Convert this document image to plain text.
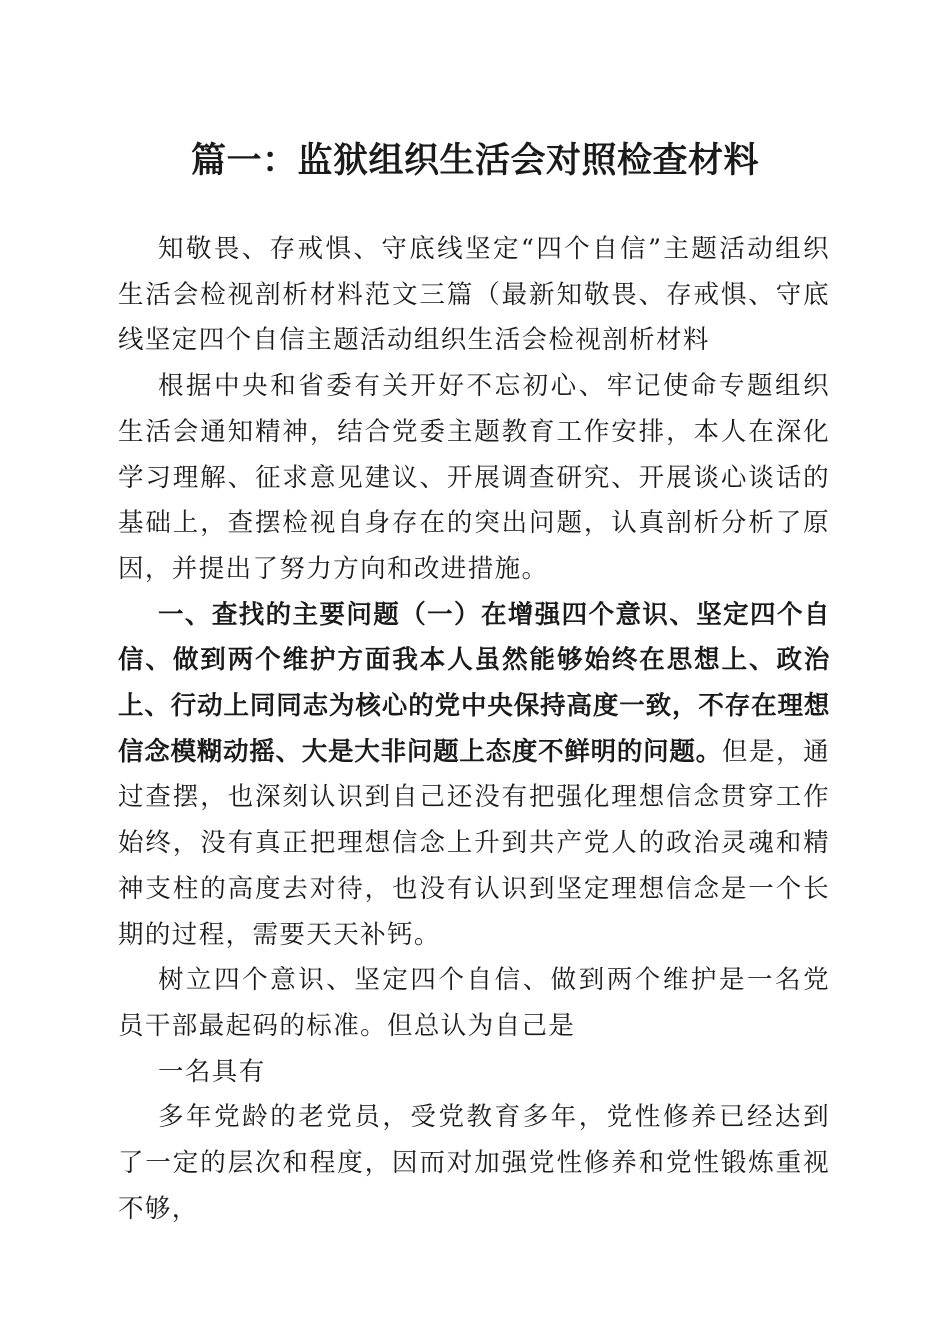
篇一：监狱组织生活会对照检查材料

知敬畏、存戒惧、守底线坚定“四个自信”主题活动组织生活会检视剖析材料范文三篇（最新知敬畏、存戒惧、守底线坚定四个自信主题活动组织生活会检视剖析材料

根据中央和省委有关开好不忘初心、牢记使命专题组织生活会通知精神，结合党委主题教育工作安排，本人在深化学习理解、征求意见建议、开展调查研究、开展谈心谈话的基础上，查摆检视自身存在的突出问题，认真剖析分析了原因，并提出了努力方向和改进措施。

一、查找的主要问题（一）在增强四个意识、坚定四个自信、做到两个维护方面我本人虽然能够始终在思想上、政治上、行动上同同志为核心的党中央保持高度一致，不存在理想信念模糊动摇、大是大非问题上态度不鲜明的问题。但是，通过查摆，也深刻认识到自己还没有把强化理想信念贯穿工作始终，没有真正把理想信念上升到共产党人的政治灵魂和精神支柱的高度去对待，也没有认识到坚定理想信念是一个长期的过程，需要天天补钙。

树立四个意识、坚定四个自信、做到两个维护是一名党员干部最起码的标准。但总认为自己是

一名具有

多年党龄的老党员，受党教育多年，党性修养已经达到了一定的层次和程度，因而对加强党性修养和党性锻炼重视不够，
